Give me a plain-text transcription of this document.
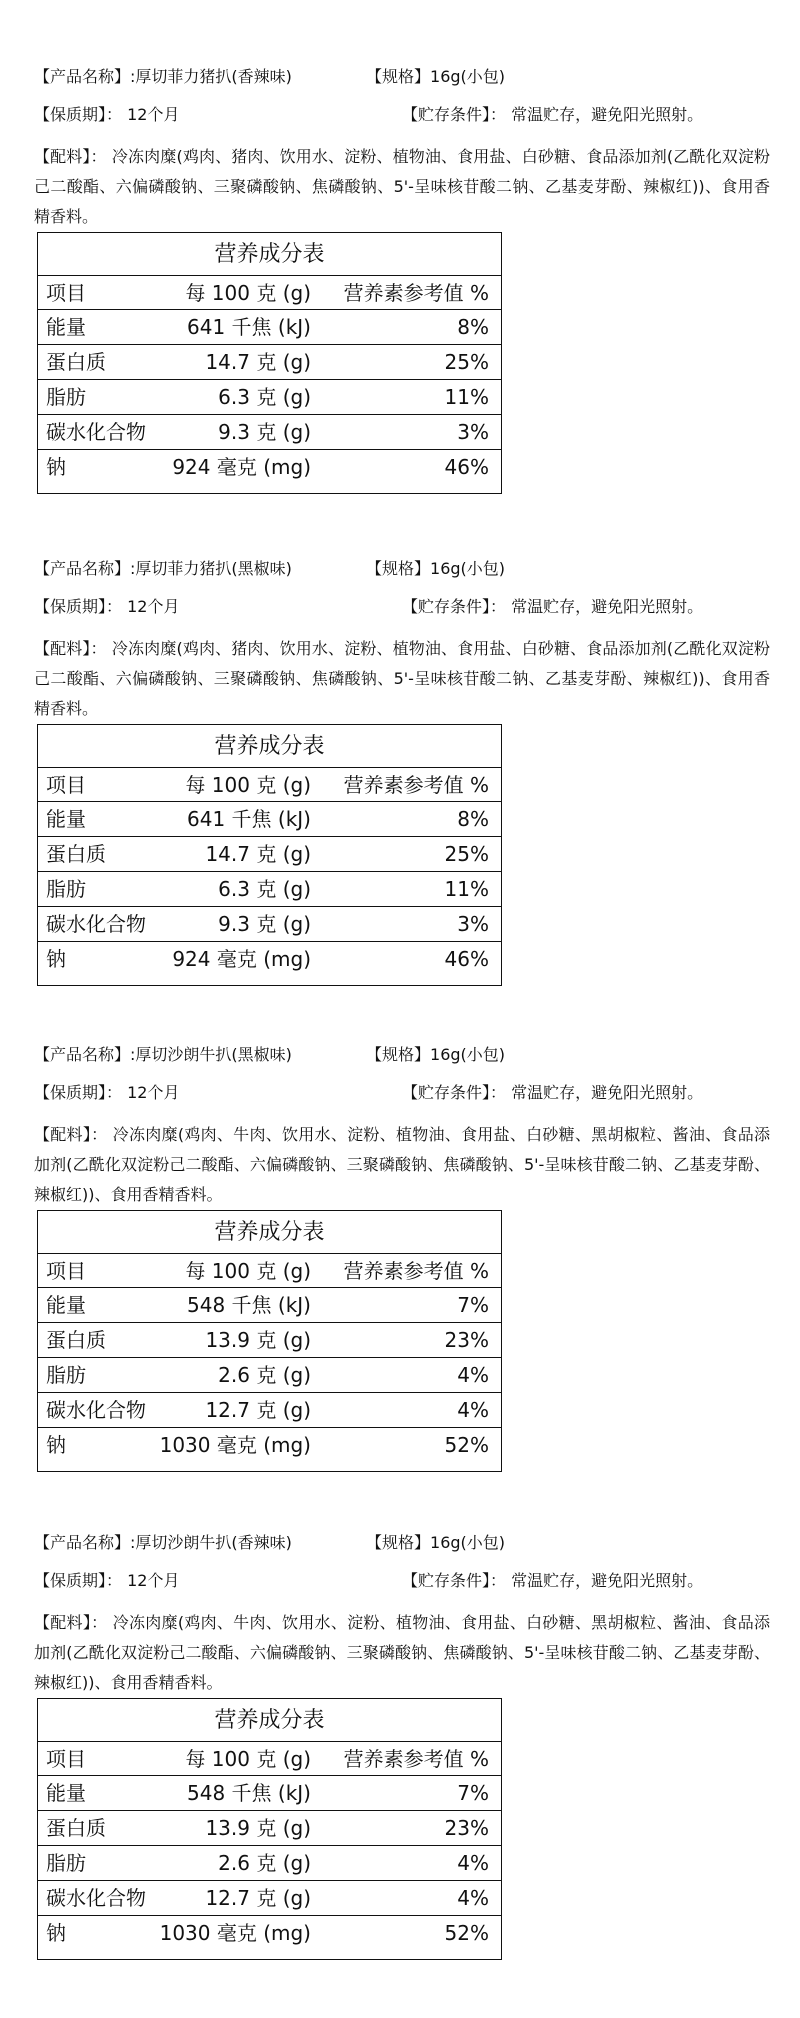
【产品名称】:厚切菲力猪扒(香辣味)	【规格】16g(小包)
【保质期】： 12个月	【贮存条件】： 常温贮存，避免阳光照射。
【配料】： 冷冻肉糜(鸡肉、猪肉、饮用水、淀粉、植物油、食用盐、白砂糖、食品添加剂(乙酰化双淀粉己二酸酯、六偏磷酸钠、三聚磷酸钠、焦磷酸钠、5'-呈味核苷酸二钠、乙基麦芽酚、辣椒红))、食用香精香料。
营养成分表
项目	每 100 克 (g) 营养素参考值 %
能量	641 千焦 (kJ)	8%
蛋白质	14.7 克 (g)	25%
脂肪	6.3 克 (g)	11%
碳水化合物	9.3 克 (g)	3%
钠	924 毫克 (mg)	46%
【产品名称】:厚切菲力猪扒(黑椒味)	【规格】16g(小包)
【保质期】： 12个月	【贮存条件】： 常温贮存，避免阳光照射。
【配料】： 冷冻肉糜(鸡肉、猪肉、饮用水、淀粉、植物油、食用盐、白砂糖、食品添加剂(乙酰化双淀粉己二酸酯、六偏磷酸钠、三聚磷酸钠、焦磷酸钠、5'-呈味核苷酸二钠、乙基麦芽酚、辣椒红))、食用香精香料。
营养成分表
项目	每 100 克 (g) 营养素参考值 %
能量	641 千焦 (kJ)	8%
蛋白质	14.7 克 (g)	25%
脂肪	6.3 克 (g)	11%
碳水化合物	9.3 克 (g)	3%
钠	924 毫克 (mg)	46%
【产品名称】:厚切沙朗牛扒(黑椒味)	【规格】16g(小包)
【保质期】： 12个月	【贮存条件】： 常温贮存，避免阳光照射。
【配料】： 冷冻肉糜(鸡肉、牛肉、饮用水、淀粉、植物油、食用盐、白砂糖、黑胡椒粒、酱油、食品添加剂(乙酰化双淀粉己二酸酯、六偏磷酸钠、三聚磷酸钠、焦磷酸钠、5'-呈味核苷酸二钠、乙基麦芽酚、辣椒红))、食用香精香料。
营养成分表
项目	每 100 克 (g) 营养素参考值 %
能量	548 千焦 (kJ)	7%
蛋白质	13.9 克 (g)	23%
脂肪	2.6 克 (g)	4%
碳水化合物	12.7 克 (g)	4%
钠	1030 毫克 (mg)	52%
【产品名称】:厚切沙朗牛扒(香辣味)	【规格】16g(小包)
【保质期】： 12个月	【贮存条件】： 常温贮存，避免阳光照射。
【配料】： 冷冻肉糜(鸡肉、牛肉、饮用水、淀粉、植物油、食用盐、白砂糖、黑胡椒粒、酱油、食品添加剂(乙酰化双淀粉己二酸酯、六偏磷酸钠、三聚磷酸钠、焦磷酸钠、5'-呈味核苷酸二钠、乙基麦芽酚、辣椒红))、食用香精香料。
营养成分表
项目	每 100 克 (g) 营养素参考值 %
能量	548 千焦 (kJ)	7%
蛋白质	13.9 克 (g)	23%
脂肪	2.6 克 (g)	4%
碳水化合物	12.7 克 (g)	4%
钠	1030 毫克 (mg)	52%
